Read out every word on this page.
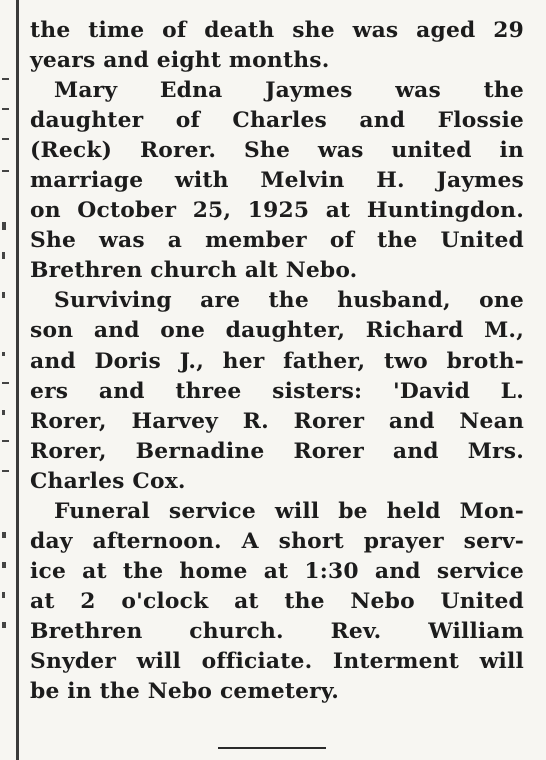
the time of death she was aged 29
years and eight months.
Mary Edna Jaymes was the
daughter of Charles and Flossie
(Reck) Rorer. She was united in
marriage with Melvin H. Jaymes
on October 25, 1925 at Huntingdon.
She was a member of the United
Brethren church alt Nebo.
Surviving are the husband, one
son and one daughter, Richard M.,
and Doris J., her father, two broth-
ers and three sisters: 'David L.
Rorer, Harvey R. Rorer and Nean
Rorer, Bernadine Rorer and Mrs.
Charles Cox.
Funeral service will be held Mon-
day afternoon. A short prayer serv-
ice at the home at 1:30 and service
at 2 o'clock at the Nebo United
Brethren church. Rev. William
Snyder will officiate. Interment will
be in the Nebo cemetery.
